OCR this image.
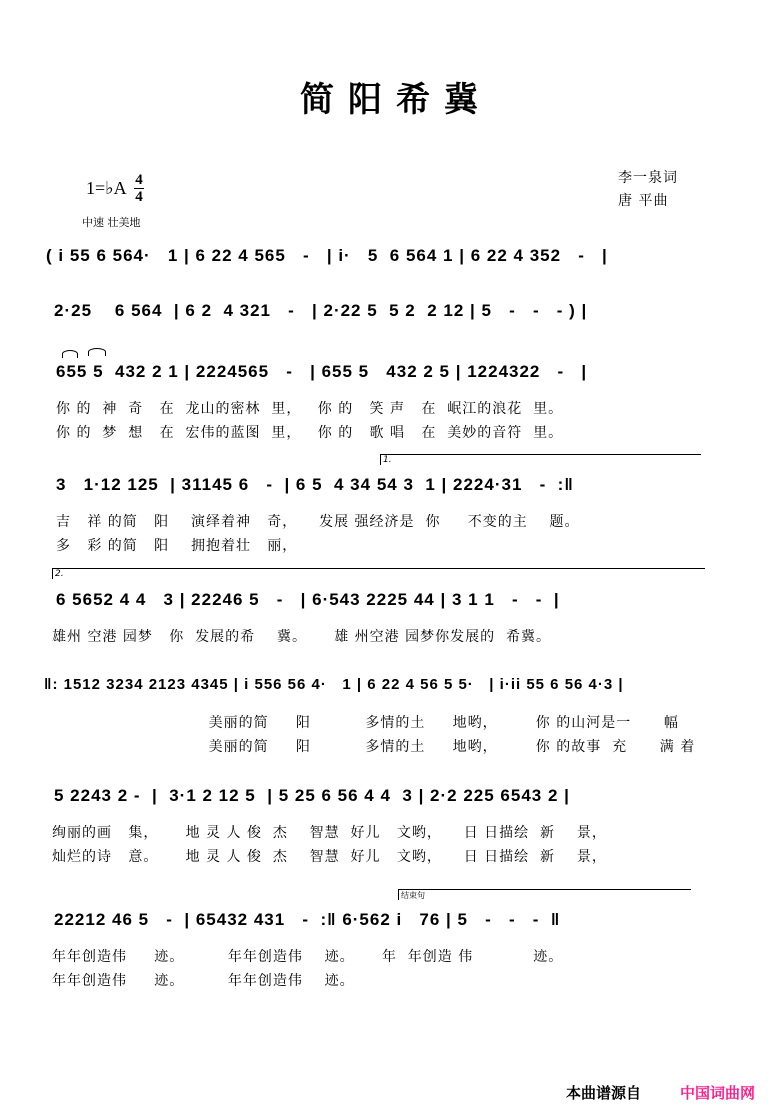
简阳希冀
1=♭A 4
4
中速 壮美地
李一泉词
唐 平曲
( i 55 6 564·   1 | 6 22 4 565   -   | i·   5  6 564 1 | 6 22 4 352   -   |
2·25    6 564  | 6 2  4 321   -   | 2·22 5  5 2  2 12 | 5   -   -   - ) |
655 5  432 2 1 | 2224565   -   | 655 5   432 2 5 | 1224322   -   |
你 的  神  奇   在  龙山的密林  里，   你 的   笑 声   在  岷江的浪花  里。
你 的  梦  想   在  宏伟的蓝图  里，   你 的   歌 唱   在  美妙的音符  里。
1.
3   1·12 125  | 31145 6   -  | 6 5  4 34 54 3  1 | 2224·31   -  :‖
吉   祥 的简   阳    演绎着神   奇，    发展 强经济是  你     不变的主    题。
多   彩 的简   阳    拥抱着壮   丽，
2.
6 5652 4 4   3 | 22246 5   -   | 6·543 2225 44 | 3 1 1   -   -  |
雄州 空港 园梦   你  发展的希    冀。     雄 州空港 园梦你发展的  希冀。
‖: 1512 3234 2123 4345 | i 556 56 4·   1 | 6 22 4 56 5 5·   | i·ii 55 6 56 4·3 |
美丽的简     阳          多情的土     地哟，       你 的山河是一      幅
美丽的简     阳          多情的土     地哟，       你 的故事  充      满 着
5 2243 2 -  |  3·1 2 12 5  | 5 25 6 56 4 4  3 | 2·2 225 6543 2 |
绚丽的画   集，     地 灵 人 俊  杰    智慧  好儿   文哟，    日 日描绘  新    景，
灿烂的诗   意。     地 灵 人 俊  杰    智慧  好儿   文哟，    日 日描绘  新    景，
结束句
22212 46 5   -  | 65432 431   -  :‖ 6·562 i   76 | 5   -   -   -  ‖
年年创造伟     迹。        年年创造伟    迹。     年  年创造 伟           迹。
年年创造伟     迹。        年年创造伟    迹。
本曲谱源自	中国词曲网
